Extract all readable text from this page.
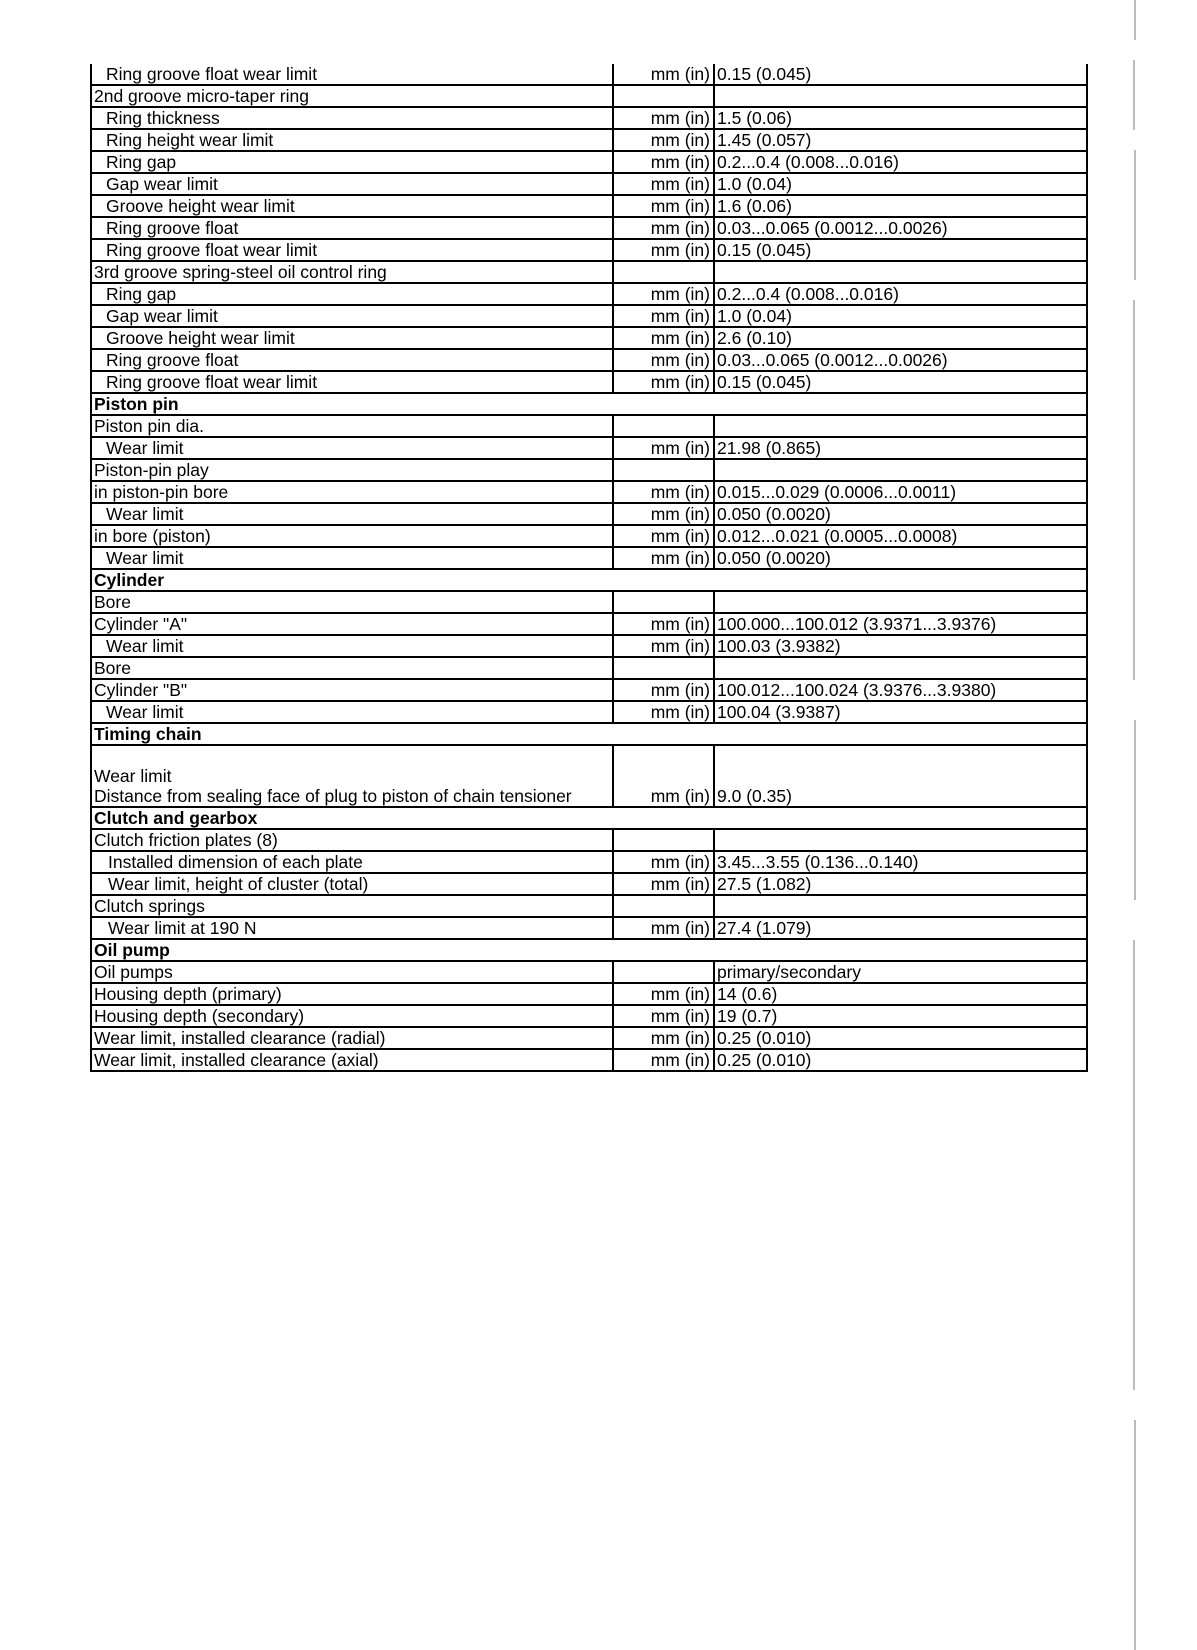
Ring groove float wear limit	mm (in)	0.15 (0.045)
2nd groove micro-taper ring		
Ring thickness	mm (in)	1.5 (0.06)
Ring height wear limit	mm (in)	1.45 (0.057)
Ring gap	mm (in)	0.2...0.4 (0.008...0.016)
Gap wear limit	mm (in)	1.0 (0.04)
Groove height wear limit	mm (in)	1.6 (0.06)
Ring groove float	mm (in)	0.03...0.065 (0.0012...0.0026)
Ring groove float wear limit	mm (in)	0.15 (0.045)
3rd groove spring-steel oil control ring		
Ring gap	mm (in)	0.2...0.4 (0.008...0.016)
Gap wear limit	mm (in)	1.0 (0.04)
Groove height wear limit	mm (in)	2.6 (0.10)
Ring groove float	mm (in)	0.03...0.065 (0.0012...0.0026)
Ring groove float wear limit	mm (in)	0.15 (0.045)
Piston pin		
Piston pin dia.		
Wear limit	mm (in)	21.98 (0.865)
Piston-pin play		
in piston-pin bore	mm (in)	0.015...0.029 (0.0006...0.0011)
Wear limit	mm (in)	0.050 (0.0020)
in bore (piston)	mm (in)	0.012...0.021 (0.0005...0.0008)
Wear limit	mm (in)	0.050 (0.0020)
Cylinder		
Bore		
Cylinder "A"	mm (in)	100.000...100.012 (3.9371...3.9376)
Wear limit	mm (in)	100.03 (3.9382)
Bore		
Cylinder "B"	mm (in)	100.012...100.024 (3.9376...3.9380)
Wear limit	mm (in)	100.04 (3.9387)
Timing chain		
Wear limit
Distance from sealing face of plug to piston of chain tensioner	mm (in)	9.0 (0.35)
Clutch and gearbox		
Clutch friction plates (8)		
Installed dimension of each plate	mm (in)	3.45...3.55 (0.136...0.140)
Wear limit, height of cluster (total)	mm (in)	27.5 (1.082)
Clutch springs		
Wear limit at 190 N	mm (in)	27.4 (1.079)
Oil pump		
Oil pumps		primary/secondary
Housing depth (primary)	mm (in)	14 (0.6)
Housing depth (secondary)	mm (in)	19 (0.7)
Wear limit, installed clearance (radial)	mm (in)	0.25 (0.010)
Wear limit, installed clearance (axial)	mm (in)	0.25 (0.010)
